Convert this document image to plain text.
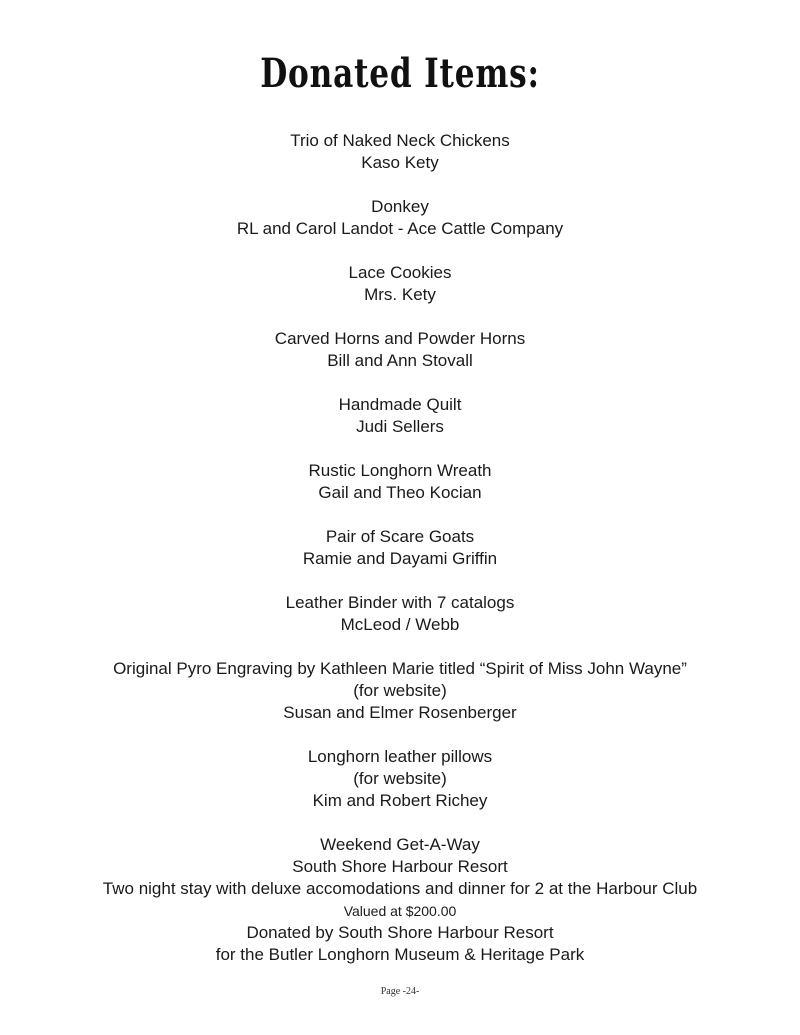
Donated Items:
Trio of Naked Neck Chickens
Kaso Kety
Donkey
RL and Carol Landot - Ace Cattle Company
Lace Cookies
Mrs. Kety
Carved Horns and Powder Horns
Bill and Ann Stovall
Handmade Quilt
Judi Sellers
Rustic Longhorn Wreath
Gail and Theo Kocian
Pair of Scare Goats
Ramie and Dayami Griffin
Leather Binder with 7 catalogs
McLeod / Webb
Original Pyro Engraving by Kathleen Marie titled “Spirit of Miss John Wayne”
(for website)
Susan and Elmer Rosenberger
Longhorn leather pillows
(for website)
Kim and Robert Richey
Weekend Get-A-Way
South Shore Harbour Resort
Two night stay with deluxe accomodations and dinner for 2 at the Harbour Club
Valued at $200.00
Donated by South Shore Harbour Resort
for the Butler Longhorn Museum & Heritage Park
Page -24-
